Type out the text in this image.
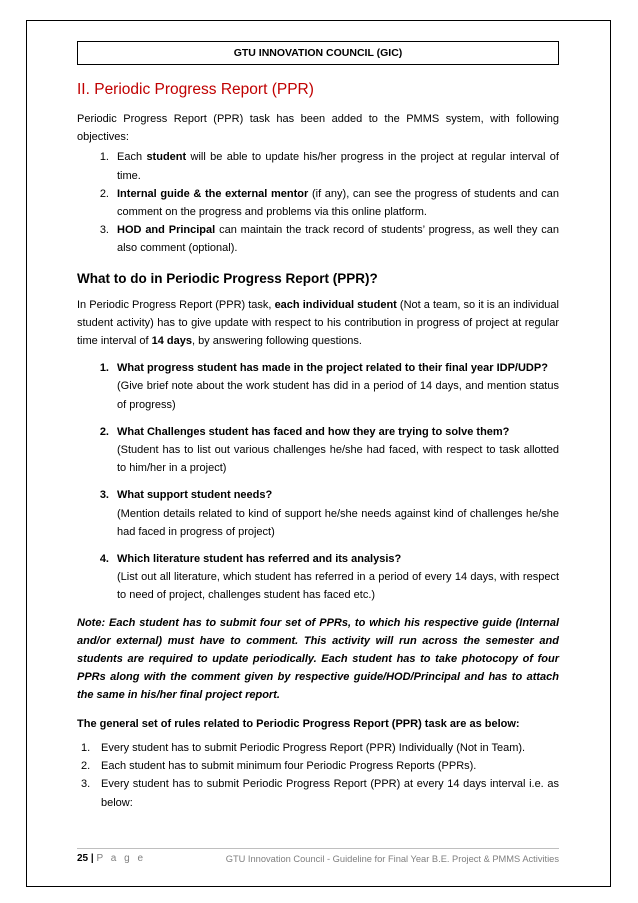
GTU INNOVATION COUNCIL (GIC)
II. Periodic Progress Report (PPR)

Periodic Progress Report (PPR) task has been added to the PMMS system, with following objectives:

1. Each student will be able to update his/her progress in the project at regular interval of time.
2. Internal guide & the external mentor (if any), can see the progress of students and can comment on the progress and problems via this online platform.
3. HOD and Principal can maintain the track record of students’ progress, as well they can also comment (optional).
What to do in Periodic Progress Report (PPR)?

In Periodic Progress Report (PPR) task, each individual student (Not a team, so it is an individual student activity) has to give update with respect to his contribution in progress of project at regular time interval of 14 days, by answering following questions.

1. What progress student has made in the project related to their final year IDP/UDP?
(Give brief note about the work student has did in a period of 14 days, and mention status of progress)
2. What Challenges student has faced and how they are trying to solve them?
(Student has to list out various challenges he/she had faced, with respect to task allotted to him/her in a project)
3. What support student needs?
(Mention details related to kind of support he/she needs against kind of challenges he/she had faced in progress of project)
4. Which literature student has referred and its analysis?
(List out all literature, which student has referred in a period of every 14 days, with respect to need of project, challenges student has faced etc.)

Note: Each student has to submit four set of PPRs, to which his respective guide (Internal and/or external) must have to comment. This activity will run across the semester and students are required to update periodically. Each student has to take photocopy of four PPRs along with the comment given by respective guide/HOD/Principal and has to attach the same in his/her final project report.

The general set of rules related to Periodic Progress Report (PPR) task are as below:

1. Every student has to submit Periodic Progress Report (PPR) Individually (Not in Team).
2. Each student has to submit minimum four Periodic Progress Reports (PPRs).
3. Every student has to submit Periodic Progress Report (PPR) at every 14 days interval i.e. as below:
25 | P a g e	GTU Innovation Council - Guideline for Final Year B.E. Project & PMMS Activities
